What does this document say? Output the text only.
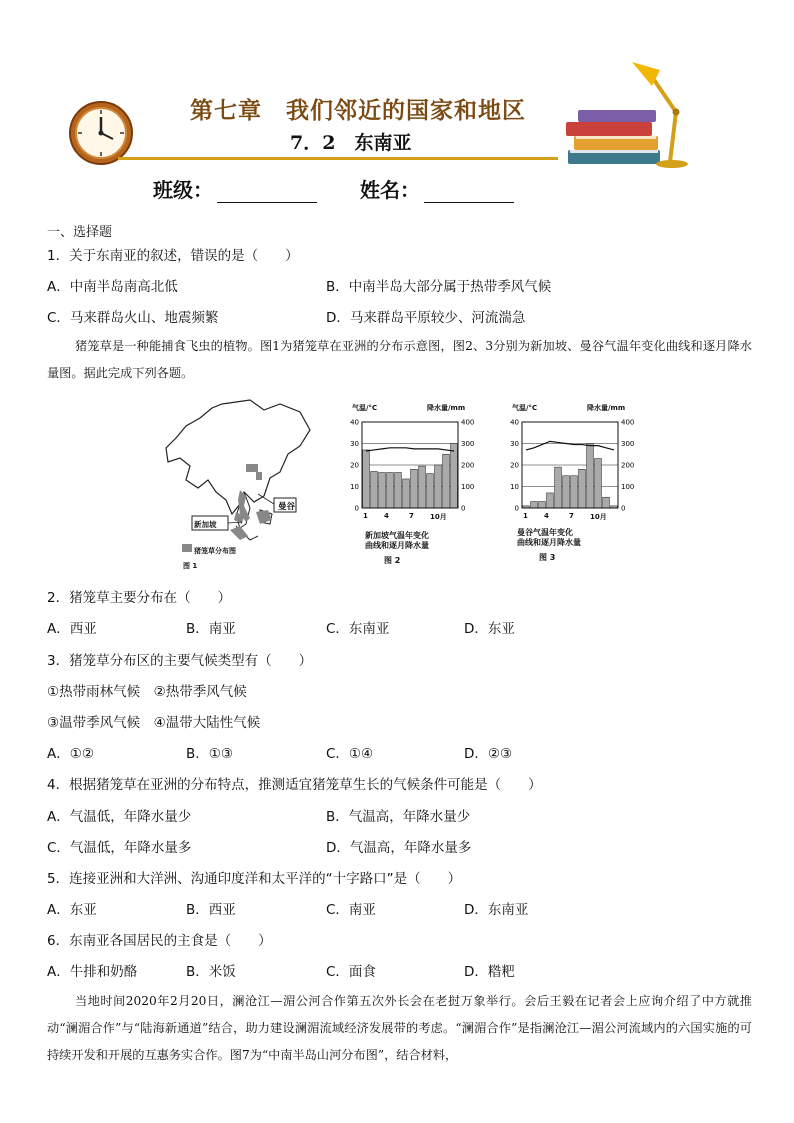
第七章　我们邻近的国家和地区
7．2　东南亚
班级：	姓名：
一、选择题
1．关于东南亚的叙述，错误的是（　　）
A．中南半岛南高北低	B．中南半岛大部分属于热带季风气候
C．马来群岛火山、地震频繁	D．马来群岛平原较少、河流湍急
猪笼草是一种能捕食飞虫的植物。图1为猪笼草在亚洲的分布示意图，图2、3分别为新加坡、曼谷气温年变化曲线和逐月降水量图。据此完成下列各题。
曼谷
新加坡
猪笼草分布图
图 1
0
10
20
30
40
0
100
200
300
400
气温/°C	降水量/mm
1 4	7 10月
新加坡气温年变化
曲线和逐月降水量
图 2
0
10
20
30
40
0
100
200
300
400
气温/°C	降水量/mm
1 4	7 10月
曼谷气温年变化
曲线和逐月降水量
图 3
2．猪笼草主要分布在（　　）
A．西亚	B．南亚	C．东南亚	D．东亚
3．猪笼草分布区的主要气候类型有（　　）
①热带雨林气候　②热带季风气候
③温带季风气候　④温带大陆性气候
A．①②	B．①③	C．①④	D．②③
4．根据猪笼草在亚洲的分布特点，推测适宜猪笼草生长的气候条件可能是（　　）
A．气温低，年降水量少	B．气温高，年降水量少
C．气温低，年降水量多	D．气温高，年降水量多
5．连接亚洲和大洋洲、沟通印度洋和太平洋的“十字路口”是（　　）
A．东亚	B．西亚	C．南亚	D．东南亚
6．东南亚各国居民的主食是（　　）
A．牛排和奶酪	B．米饭	C．面食	D．糌粑
当地时间2020年2月20日，澜沧江—湄公河合作第五次外长会在老挝万象举行。会后王毅在记者会上应询介绍了中方就推动“澜湄合作”与“陆海新通道”结合，助力建设澜湄流域经济发展带的考虑。“澜湄合作”是指澜沧江—湄公河流域内的六国实施的可持续开发和开展的互惠务实合作。图7为“中南半岛山河分布图”，结合材料，
